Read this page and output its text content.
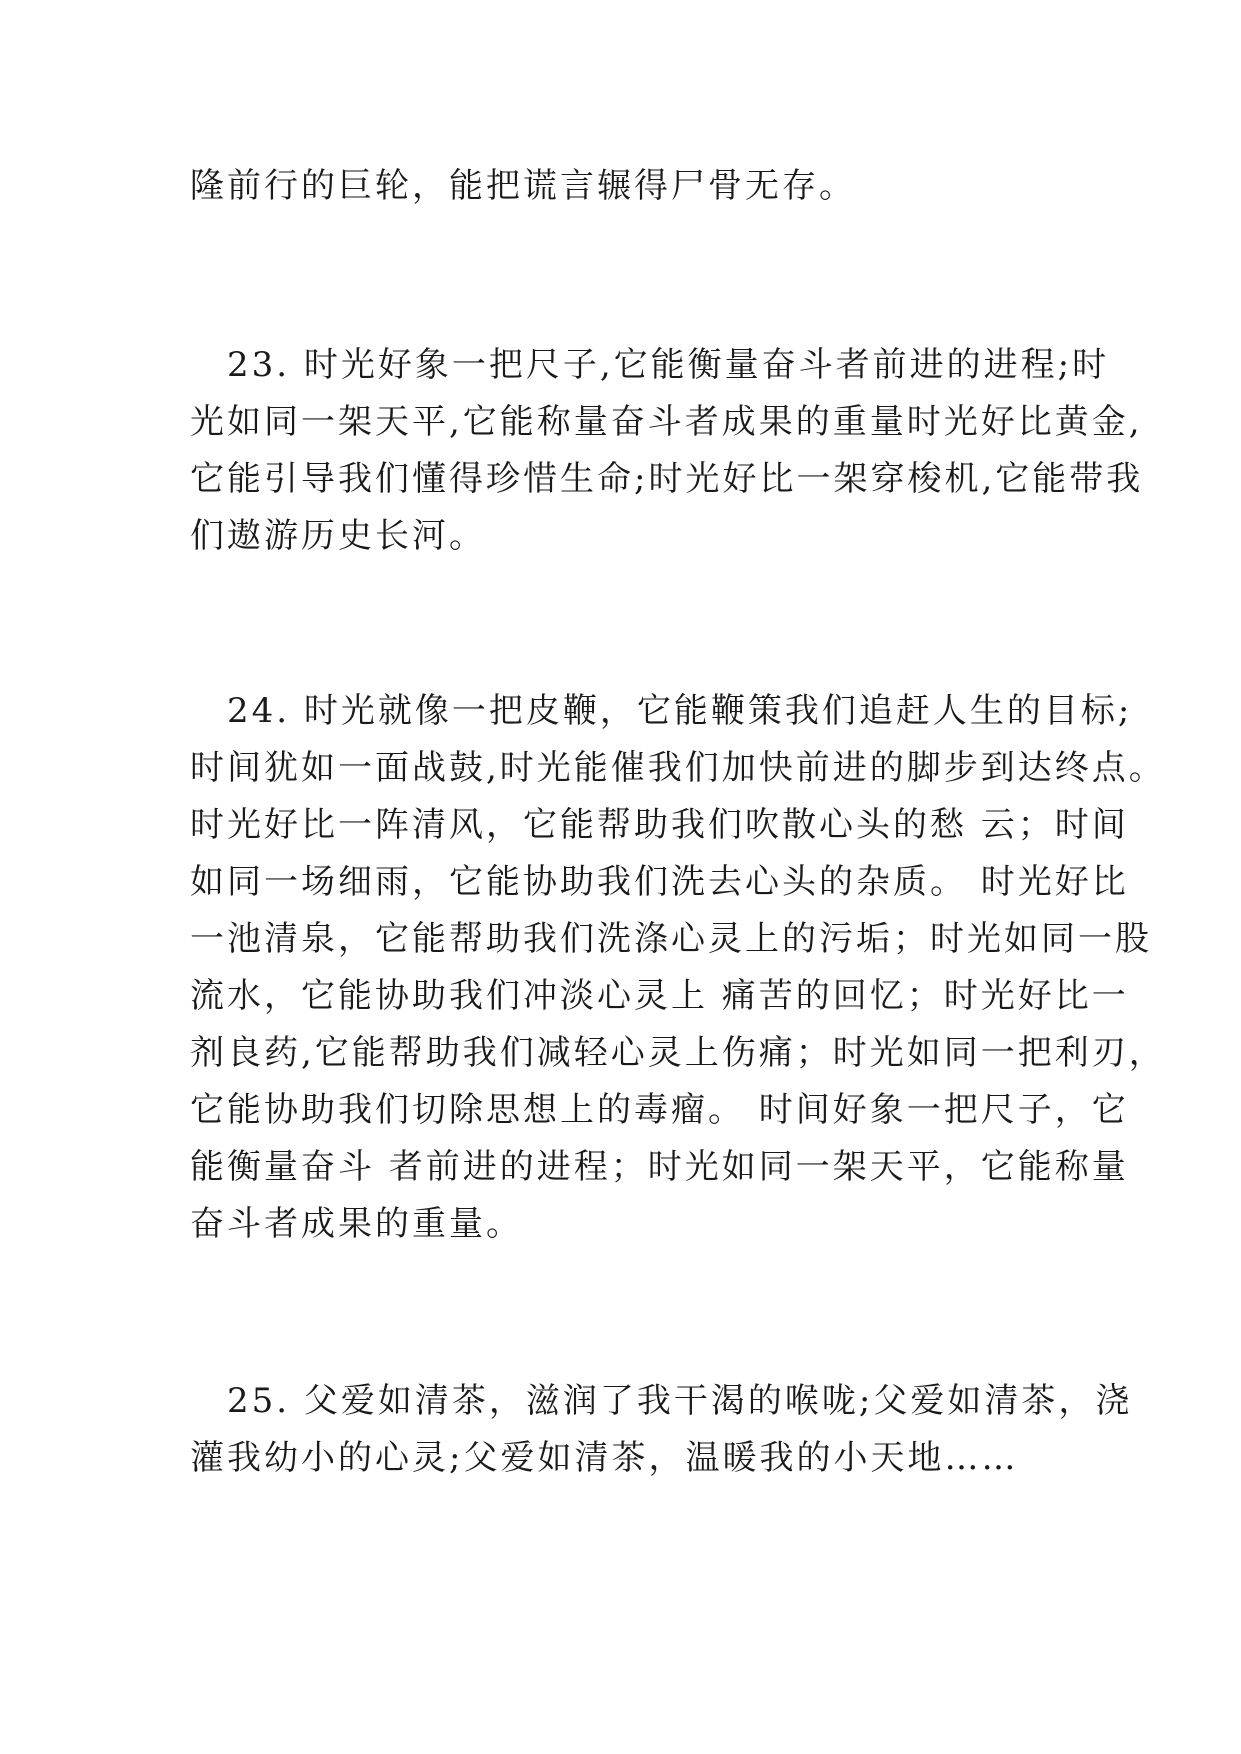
隆前行的巨轮，能把谎言辗得尸骨无存。

　23. 时光好象一把尺子,它能衡量奋斗者前进的进程;时
光如同一架天平,它能称量奋斗者成果的重量时光好比黄金,
它能引导我们懂得珍惜生命;时光好比一架穿梭机,它能带我
们遨游历史长河。

　24. 时光就像一把皮鞭，它能鞭策我们追赶人生的目标;
时间犹如一面战鼓,时光能催我们加快前进的脚步到达终点。
时光好比一阵清风，它能帮助我们吹散心头的愁 云；时间
如同一场细雨，它能协助我们洗去心头的杂质。 时光好比
一池清泉，它能帮助我们洗涤心灵上的污垢；时光如同一股
流水，它能协助我们冲淡心灵上 痛苦的回忆；时光好比一
剂良药,它能帮助我们减轻心灵上伤痛；时光如同一把利刃，
它能协助我们切除思想上的毒瘤。 时间好象一把尺子，它
能衡量奋斗 者前进的进程；时光如同一架天平，它能称量
奋斗者成果的重量。

　25. 父爱如清茶，滋润了我干渴的喉咙;父爱如清茶，浇
灌我幼小的心灵;父爱如清茶，温暖我的小天地……
